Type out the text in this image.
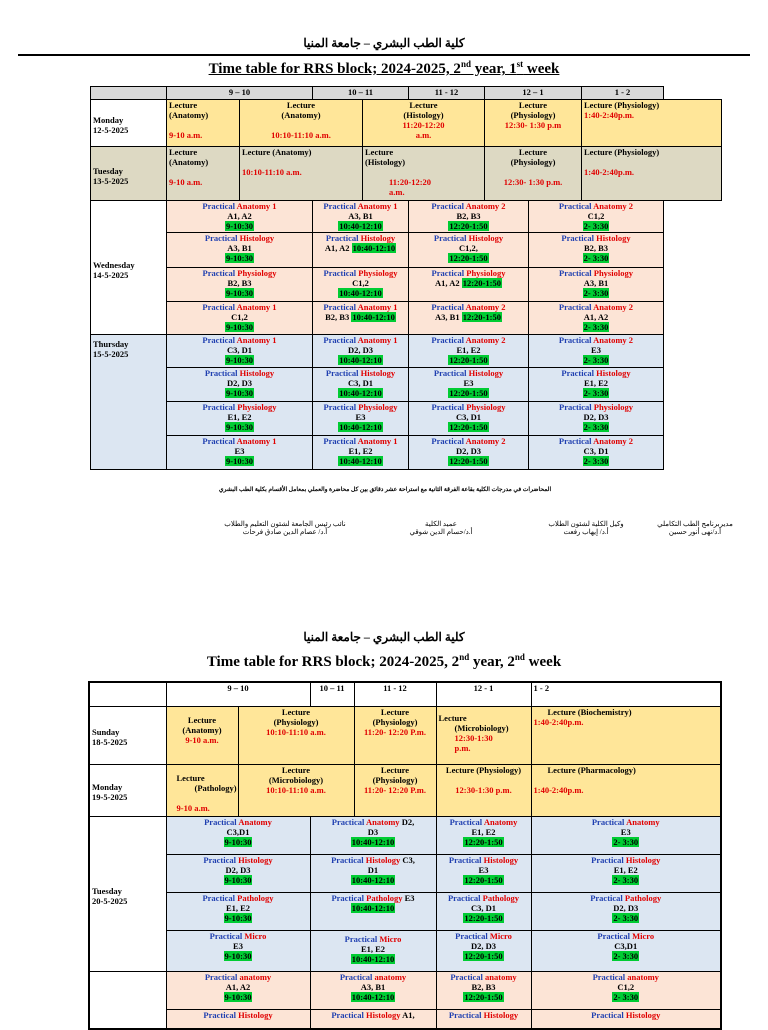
كلية الطب البشري – جامعة المنيا
Time table for RRS block; 2024-2025, 2nd year, 1st week
	9 – 10		10 – 11		11 - 12	12 – 1		1 - 2
Monday
12-5-2025	Lecture (Anatomy)

9-10 a.m.	Lecture
(Anatomy)

10:10-11:10 a.m.		Lecture
(Histology)
11:20-12:20
a.m.		Lecture
(Physiology)
12:30- 1:30 p.m		Lecture (Physiology)
1:40-2:40p.m.
Tuesday
13-5-2025	Lecture
(Anatomy)

9-10 a.m.	Lecture (Anatomy)

10:10-11:10 a.m.		Lecture
(Histology)

11:20-12:20
a.m.		Lecture
(Physiology)

12:30- 1:30 p.m.		Lecture (Physiology)

1:40-2:40p.m.
Wednesday
14-5-2025	Practical Anatomy 1
A1, A2
9-10:30		Practical Anatomy 1
A3, B1
10:40-12:10		Practical Anatomy 2
B2, B3
12:20-1:50		Practical Anatomy 2
C1,2
2- 3:30	
	Practical Histology
A3, B1
9-10:30		Practical Histology
A1, A2 10:40-12:10		Practical Histology
C1,2,
12:20-1:50		Practical Histology
B2, B3
2- 3:30	
	Practical Physiology
B2, B3
9-10:30		Practical Physiology
C1,2
10:40-12:10		Practical Physiology
A1, A2 12:20-1:50		Practical Physiology
A3, B1
2- 3:30	
	Practical Anatomy 1
C1,2
9-10:30		Practical Anatomy 1
B2, B3 10:40-12:10		Practical Anatomy 2
A3, B1 12:20-1:50		Practical Anatomy 2
A1, A2
2- 3:30	
Thursday
15-5-2025	Practical Anatomy 1
C3, D1
9-10:30		Practical Anatomy 1
D2, D3
10:40-12:10		Practical Anatomy 2
E1, E2
12:20-1:50		Practical Anatomy 2
E3
2- 3:30	
	Practical Histology
D2, D3
9-10:30		Practical Histology
C3, D1
10:40-12:10		Practical Histology
E3
12:20-1:50		Practical Histology
E1, E2
2- 3:30	
	Practical Physiology
E1, E2
9-10:30		Practical Physiology
E3
10:40-12:10		Practical Physiology
C3, D1
12:20-1:50		Practical Physiology
D2, D3
2- 3:30	
	Practical Anatomy 1
E3
9-10:30		Practical Anatomy 1
E1, E2
10:40-12:10		Practical Anatomy 2
D2, D3
12:20-1:50		Practical Anatomy 2
C3, D1
2- 3:30	
المحاضرات في مدرجات الكلية بقاعة الفرقة الثانية مع استراحة عشر دقائق بين كل محاضرة والعملي بمعامل الأقسام بكلية الطب البشري
مديربرنامج الطب التكاملي
أ.د/نهى أنور حسين
وكيل الكلية لشئون الطلاب
أ.د/ إيهاب رفعت
عميد الكلية
أ.د/حسام الدين شوقي
نائب رئيس الجامعة لشئون التعليم والطلاب
أ.د/ عصام الدين صادق فرحات
كلية الطب البشري – جامعة المنيا
Time table for RRS block; 2024-2025, 2nd year, 2nd week
	9 – 10		10 – 11	11 - 12	12 - 1	1 - 2
Sunday
18-5-2025	Lecture (Anatomy)
9-10 a.m.	Lecture
(Physiology)
10:10-11:10 a.m.		Lecture
(Physiology)
11:20- 12:20 P.m.	Lecture
(Microbiology)
12:30-1:30
p.m.	Lecture (Biochemistry)
1:40-2:40p.m.
Monday
19-5-2025	Lecture
(Pathology)

9-10 a.m.	Lecture
(Microbiology)
10:10-11:10 a.m.		Lecture
(Physiology)
11:20- 12:20 P.m.	Lecture (Physiology)

12:30-1:30 p.m.	Lecture (Pharmacology)

1:40-2:40p.m.
Tuesday
20-5-2025	Practical Anatomy
C3,D1
9-10:30		Practical Anatomy D2,
D3
10:40-12:10		Practical Anatomy
E1, E2
12:20-1:50	Practical Anatomy
E3
2- 3:30
	Practical Histology
D2, D3
9-10:30		Practical Histology C3,
D1
10:40-12:10		Practical Histology
E3
12:20-1:50	Practical Histology
E1, E2
2- 3:30
	Practical Pathology
E1, E2
9-10:30		Practical Pathology E3
10:40-12:10		Practical Pathology
C3, D1
12:20-1:50	Practical Pathology
D2, D3
2- 3:30
	Practical Micro
E3
9-10:30		Practical Micro
E1, E2
10:40-12:10		Practical Micro
D2, D3
12:20-1:50	Practical Micro
C3,D1
2- 3:30
	Practical anatomy
A1, A2
9-10:30		Practical anatomy
A3, B1
10:40-12:10		Practical anatomy
B2, B3
12:20-1:50	Practical anatomy
C1,2
2- 3:30
	Practical Histology		Practical Histology A1,		Practical Histology	Practical Histology
